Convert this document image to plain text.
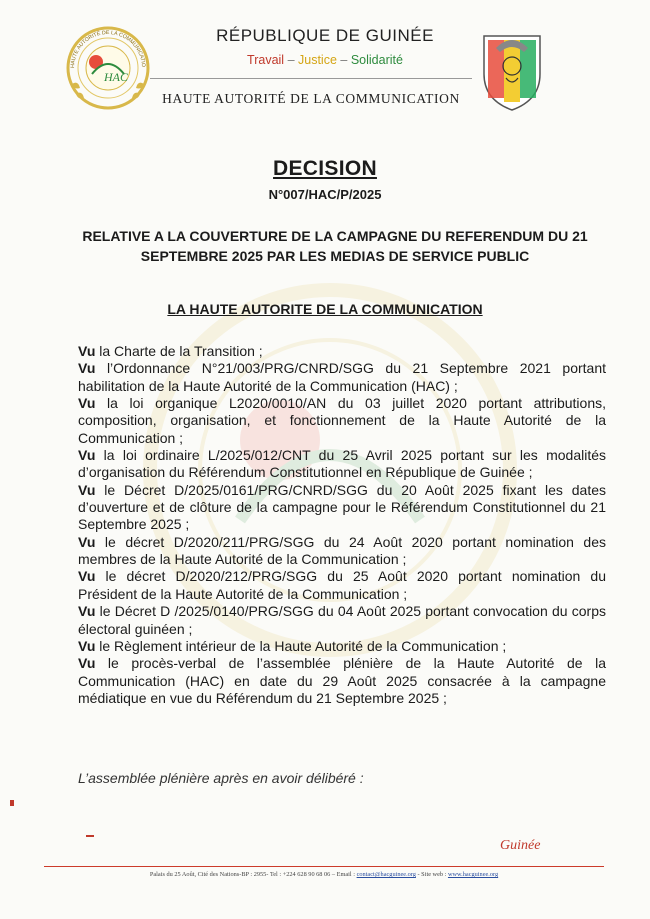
HAC
HAUTE AUTORITÉ DE LA COMMUNICATIO
RÉPUBLIQUE DE GUINÉE
Travail – Justice – Solidarité
HAUTE AUTORITÉ DE LA COMMUNICATION
DECISION
N°007/HAC/P/2025
RELATIVE A LA COUVERTURE DE LA CAMPAGNE DU REFERENDUM DU 21 SEPTEMBRE 2025 PAR LES MEDIAS DE SERVICE PUBLIC
LA HAUTE AUTORITE DE LA COMMUNICATION

Vu la Charte de la Transition ;

Vu l’Ordonnance N°21/003/PRG/CNRD/SGG du 21 Septembre 2021 portant habilitation de la Haute Autorité de la Communication (HAC) ;

Vu la loi organique L2020/0010/AN du 03 juillet 2020 portant attributions, composition, organisation, et fonctionnement de la Haute Autorité de la Communication ;

Vu la loi ordinaire L/2025/012/CNT du 25 Avril 2025 portant sur les modalités d’organisation du Référendum Constitutionnel en République de Guinée ;

Vu le Décret D/2025/0161/PRG/CNRD/SGG du 20 Août 2025 fixant les dates d’ouverture et de clôture de la campagne pour le Référendum Constitutionnel du 21 Septembre 2025 ;

Vu le décret D/2020/211/PRG/SGG du 24 Août 2020 portant nomination des membres de la Haute Autorité de la Communication ;

Vu le décret D/2020/212/PRG/SGG du 25 Août 2020 portant nomination du Président de la Haute Autorité de la Communication ;

Vu le Décret D /2025/0140/PRG/SGG du 04 Août 2025 portant convocation du corps électoral guinéen ;

Vu le Règlement intérieur de la Haute Autorité de la Communication ;

Vu le procès-verbal de l’assemblée plénière de la Haute Autorité de la Communication (HAC) en date du 29 Août 2025 consacrée à la campagne médiatique en vue du Référendum du 21 Septembre 2025 ;

L’assemblée plénière après en avoir délibéré :
Guinée
Palais du 25 Août, Cité des Nations-BP : 2955- Tel : +224 628 90 68 06 – Email : contact@hacguinee.org - Site web : www.hacguinee.org
